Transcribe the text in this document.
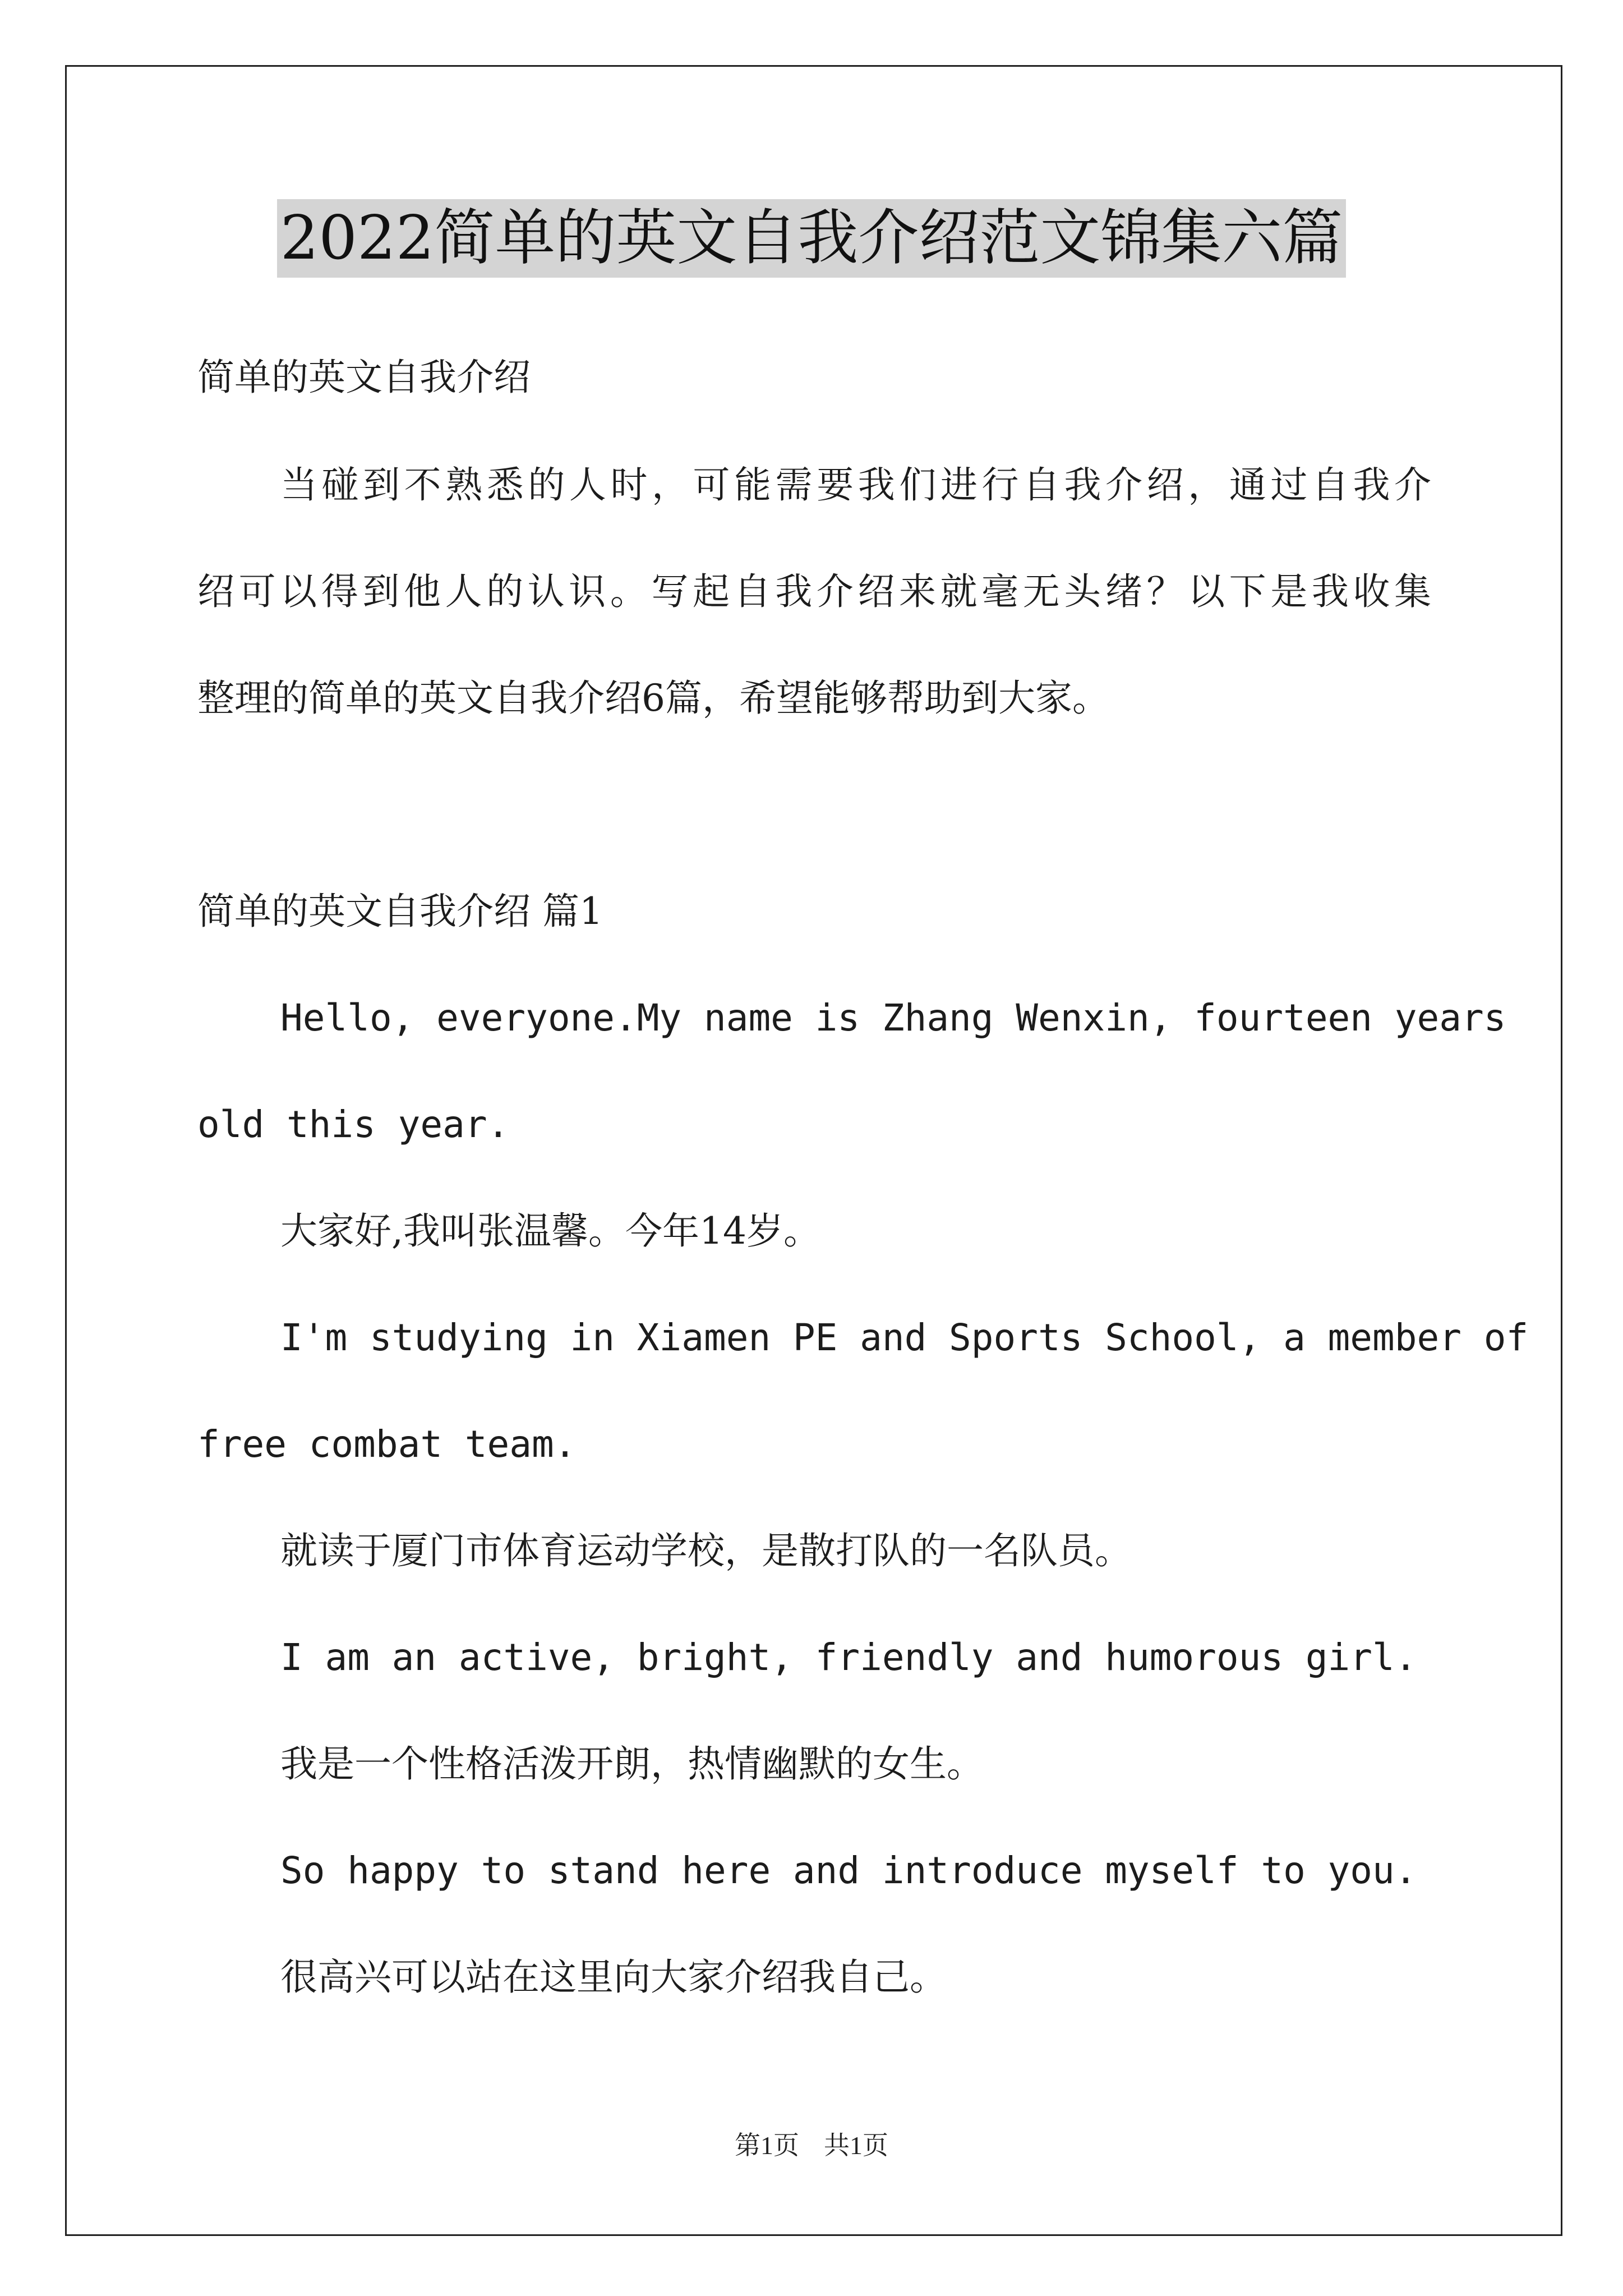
2022简单的英文自我介绍范文锦集六篇
简单的英文自我介绍
当碰到不熟悉的人时，可能需要我们进行自我介绍，通过自我介
绍可以得到他人的认识。写起自我介绍来就毫无头绪？以下是我收集
整理的简单的英文自我介绍6篇，希望能够帮助到大家。
简单的英文自我介绍 篇1
Hello, everyone.My name is Zhang Wenxin, fourteen years
old this year.
大家好,我叫张温馨。今年14岁。
I'm studying in Xiamen PE and Sports School, a member of
free combat team.
就读于厦门市体育运动学校，是散打队的一名队员。
I am an active, bright, friendly and humorous girl.
我是一个性格活泼开朗，热情幽默的女生。
So happy to stand here and introduce myself to you.
很高兴可以站在这里向大家介绍我自己。
第1页 共1页
